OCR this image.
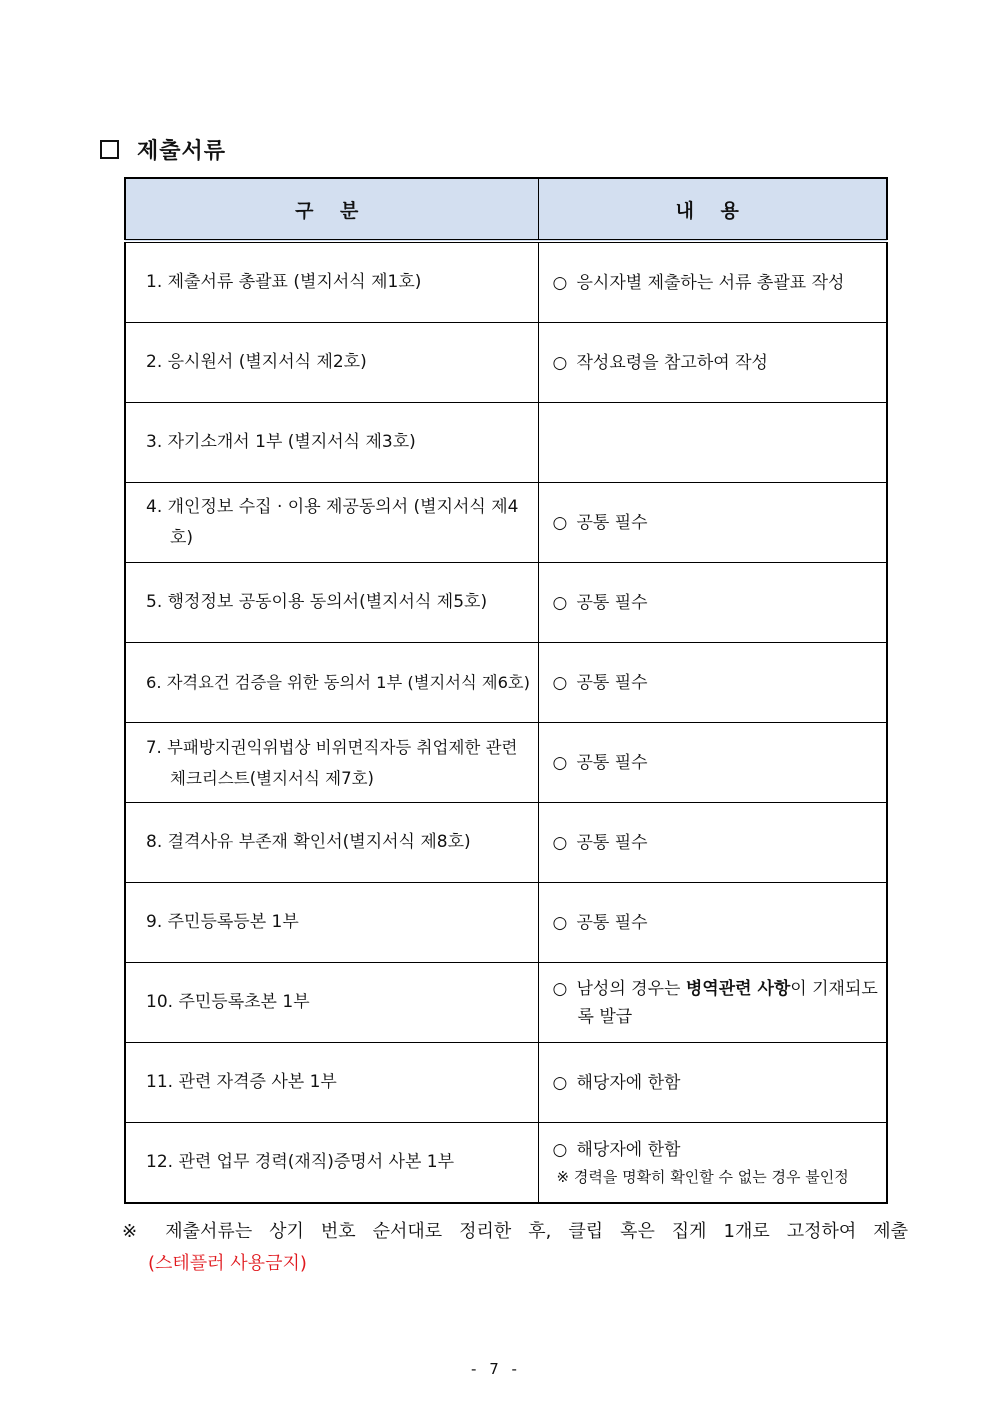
제출서류
구 분	내 용

1. 제출서류 총괄표 (별지서식 제1호)	○ 응시자별 제출하는 서류 총괄표 작성

2. 응시원서 (별지서식 제2호)	○ 작성요령을 참고하여 작성

3. 자기소개서 1부 (별지서식 제3호)	

4. 개인정보 수집 · 이용 제공동의서 (별지서식 제4호)	○ 공통 필수

5. 행정정보 공동이용 동의서(별지서식 제5호)	○ 공통 필수

6. 자격요건 검증을 위한 동의서 1부 (별지서식 제6호)	○ 공통 필수

7. 부패방지권익위법상 비위면직자등 취업제한 관련 체크리스트(별지서식 제7호)	○ 공통 필수

8. 결격사유 부존재 확인서(별지서식 제8호)	○ 공통 필수

9. 주민등록등본 1부	○ 공통 필수

10. 주민등록초본 1부	○ 남성의 경우는 병역관련 사항이 기재되도록 발급

11. 관련 자격증 사본 1부	○ 해당자에 한함

12. 관련 업무 경력(재직)증명서 사본 1부	○ 해당자에 한함
※ 경력을 명확히 확인할 수 없는 경우 불인정
※ 제출서류는 상기 번호 순서대로 정리한 후, 클립 혹은 집게 1개로 고정하여 제출
(스테플러 사용금지)
- 7 -
